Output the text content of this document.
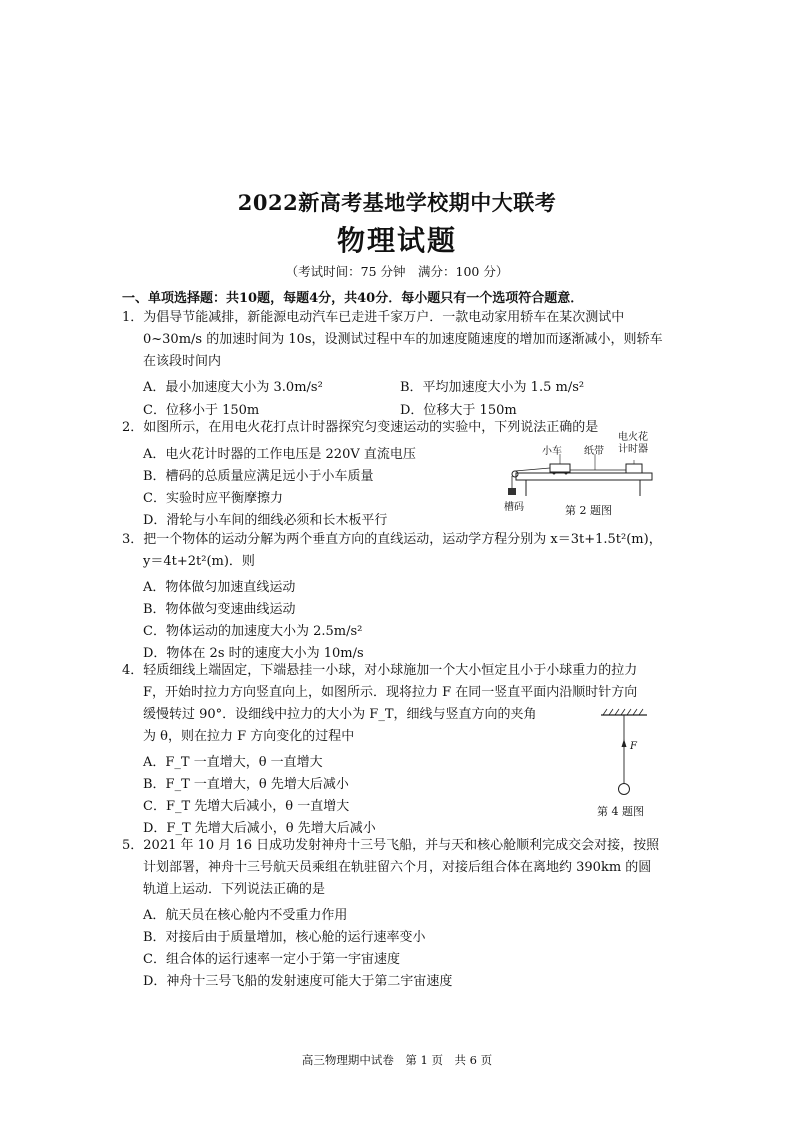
2022新高考基地学校期中大联考
物理试题
（考试时间：75 分钟　满分：100 分）
一、单项选择题：共10题，每题4分，共40分．每小题只有一个选项符合题意．
1．为倡导节能减排，新能源电动汽车已走进千家万户．一款电动家用轿车在某次测试中
0~30m/s 的加速时间为 10s，设测试过程中车的加速度随速度的增加而逐渐减小，则轿车
在该段时间内
A．最小加速度大小为 3.0m/s²	B．平均加速度大小为 1.5 m/s²
C．位移小于 150m	D．位移大于 150m
2．如图所示，在用电火花打点计时器探究匀变速运动的实验中，下列说法正确的是
A．电火花计时器的工作电压是 220V 直流电压
B．槽码的总质量应满足远小于小车质量
C．实验时应平衡摩擦力
D．滑轮与小车间的细线必须和长木板平行
小车 纸带
电火花
计时器
槽码	第 2 题图
3．把一个物体的运动分解为两个垂直方向的直线运动，运动学方程分别为 x＝3t+1.5t²(m)，
y＝4t+2t²(m)．则
A．物体做匀加速直线运动
B．物体做匀变速曲线运动
C．物体运动的加速度大小为 2.5m/s²
D．物体在 2s 时的速度大小为 10m/s
4．轻质细线上端固定，下端悬挂一小球，对小球施加一个大小恒定且小于小球重力的拉力
F，开始时拉力方向竖直向上，如图所示．现将拉力 F 在同一竖直平面内沿顺时针方向
缓慢转过 90°．设细线中拉力的大小为 F_T，细线与竖直方向的夹角
为 θ，则在拉力 F 方向变化的过程中
A．F_T 一直增大，θ 一直增大
B．F_T 一直增大，θ 先增大后减小
C．F_T 先增大后减小，θ 一直增大
D．F_T 先增大后减小，θ 先增大后减小
F
第 4 题图
5．2021 年 10 月 16 日成功发射神舟十三号飞船，并与天和核心舱顺利完成交会对接，按照
计划部署，神舟十三号航天员乘组在轨驻留六个月，对接后组合体在离地约 390km 的圆
轨道上运动．下列说法正确的是
A．航天员在核心舱内不受重力作用
B．对接后由于质量增加，核心舱的运行速率变小
C．组合体的运行速率一定小于第一宇宙速度
D．神舟十三号飞船的发射速度可能大于第二宇宙速度
高三物理期中试卷　第 1 页　共 6 页
